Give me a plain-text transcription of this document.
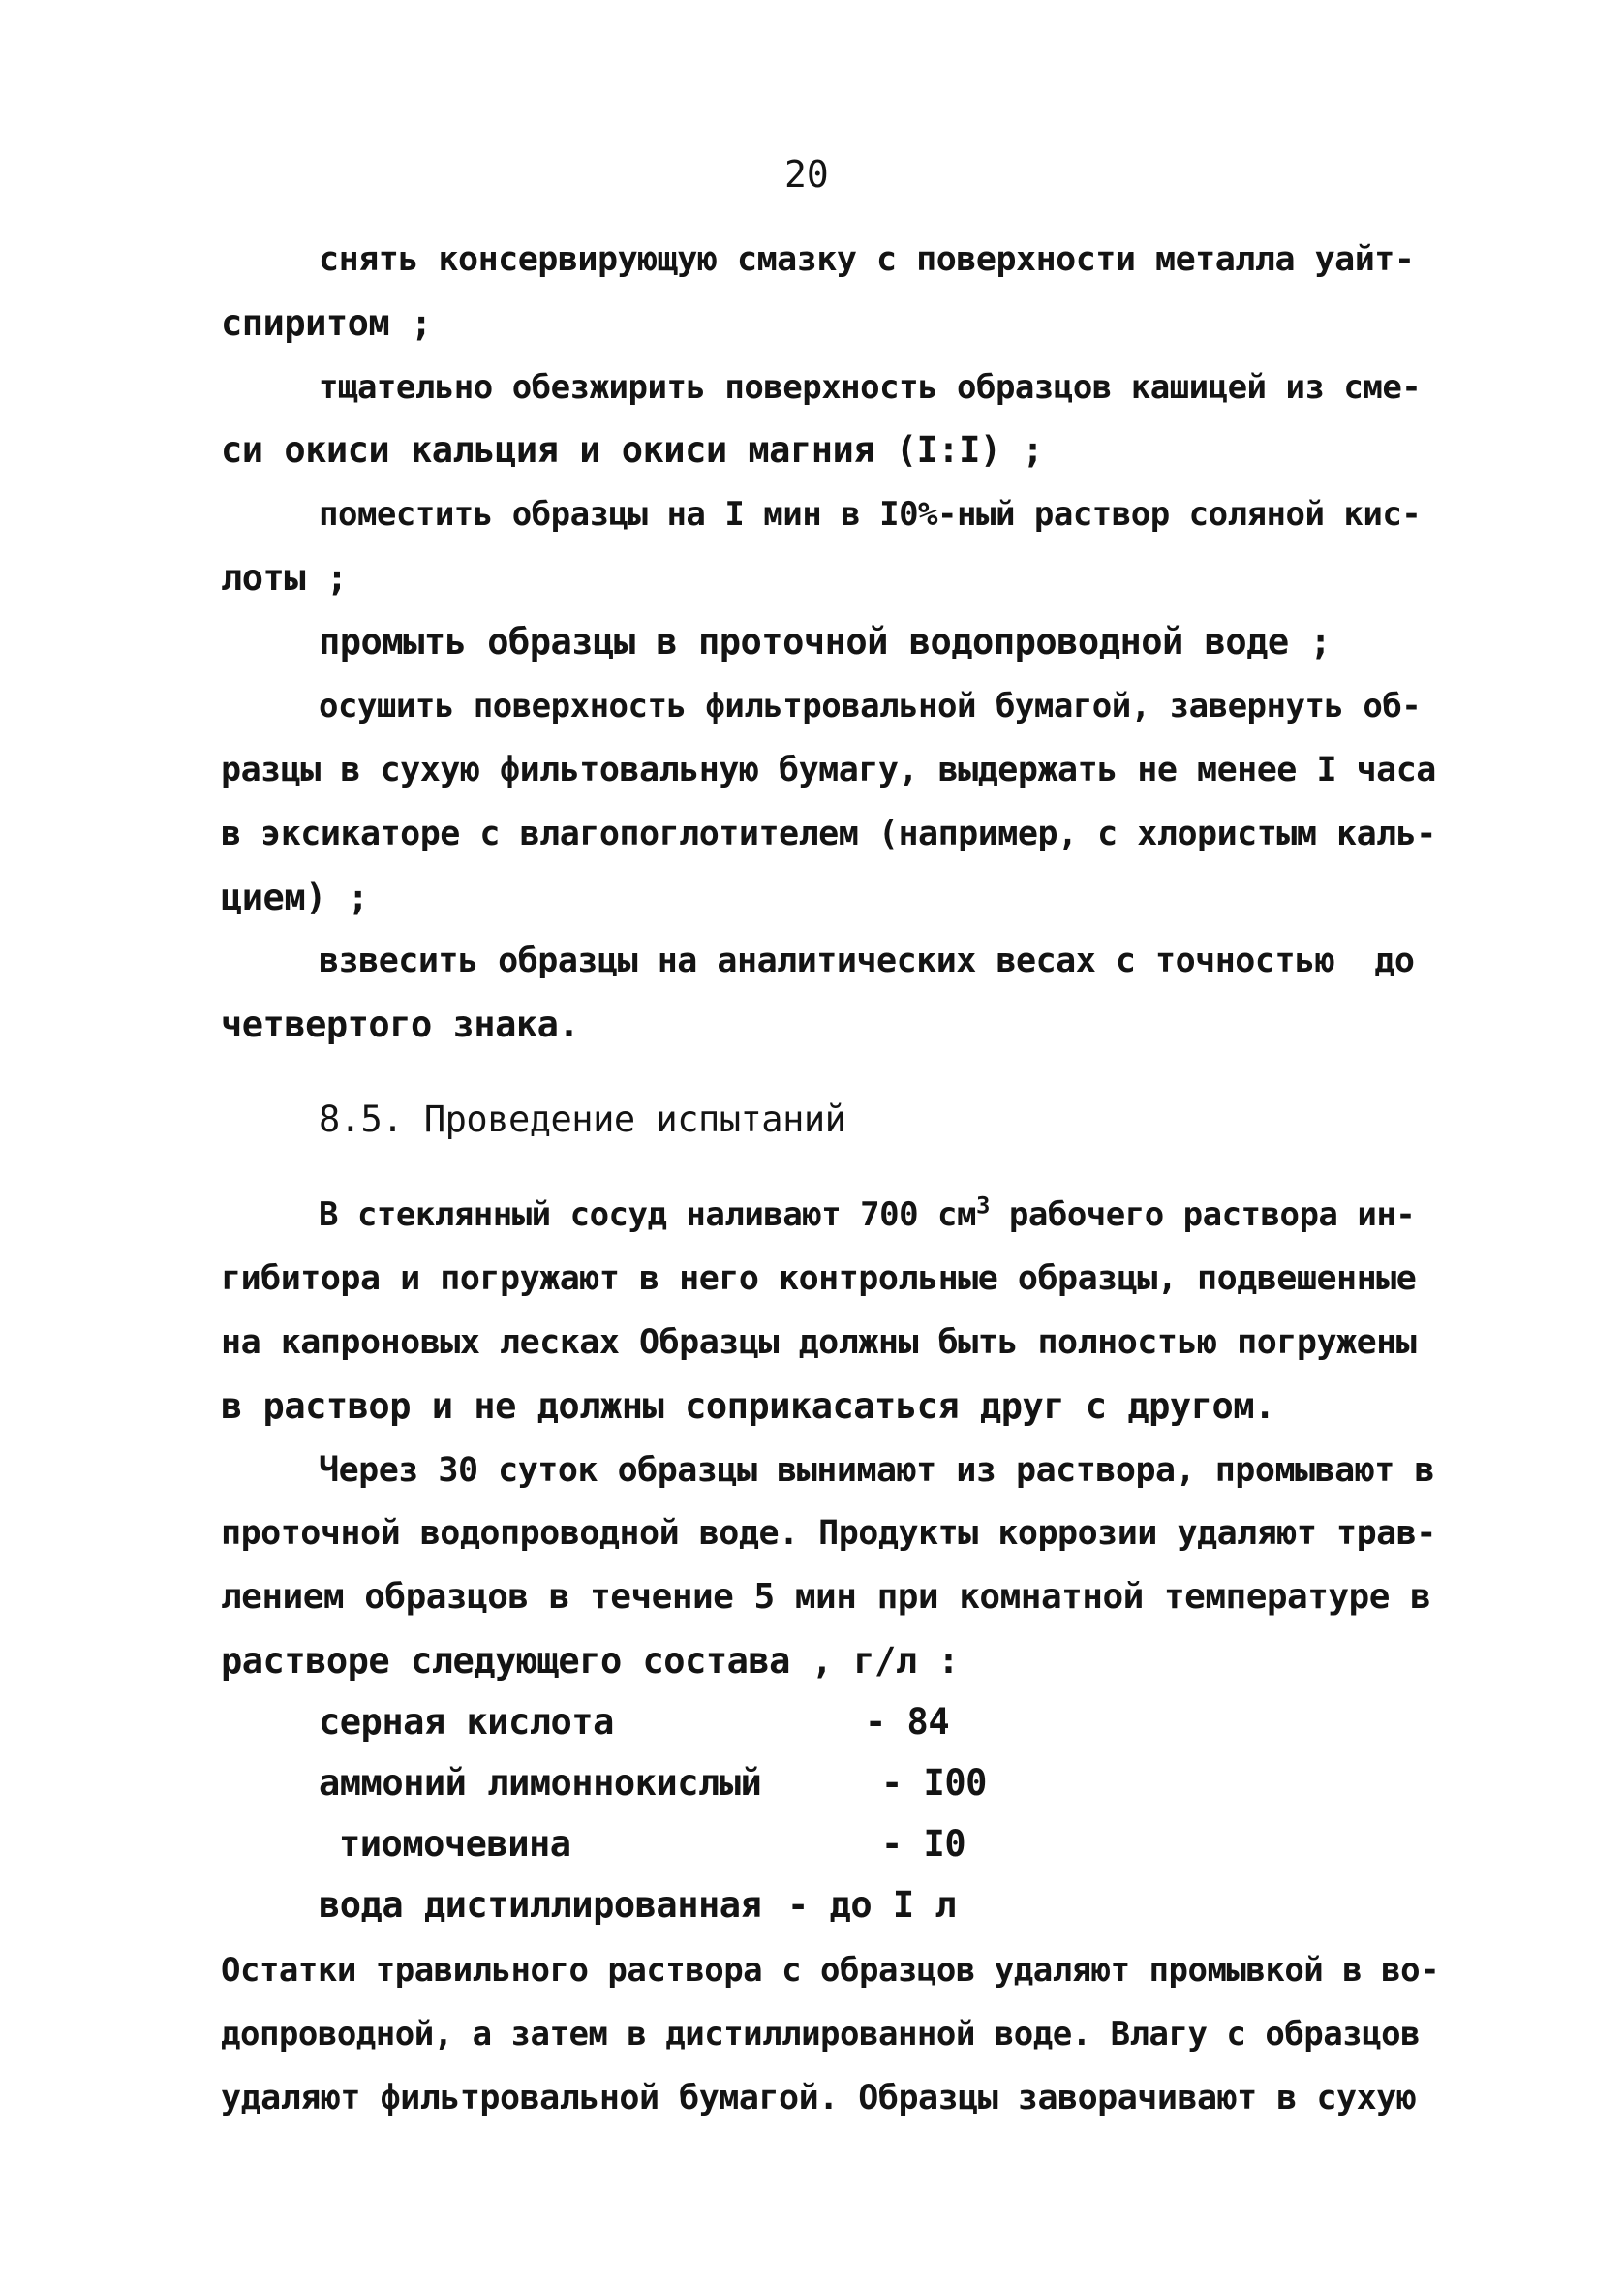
20
снять консервирующую смазку с поверхности металла уайт-
спиритом ;
тщательно обезжирить поверхность образцов кашицей из сме-
си окиси кальция и окиси магния (I:I) ;
поместить образцы на I мин в I0%-ный раствор соляной кис-
лоты ;
промыть образцы в проточной водопроводной воде ;
осушить поверхность фильтровальной бумагой, завернуть об-
разцы в сухую фильтовальную бумагу, выдержать не менее I часа
в эксикаторе с влагопоглотителем (например, с хлористым каль-
цием) ;
взвесить образцы на аналитических весах с точностью  до
четвертого знака.
8.5. Проведение испытаний
В стеклянный сосуд наливают 700 $см^3$ рабочего раствора ин-
гибитора и погружают в него контрольные образцы, подвешенные
на капроновых лесках Образцы должны быть полностью погружены
в раствор и не должны соприкасаться друг с другом.
Через 30 суток образцы вынимают из раствора, промывают в
проточной водопроводной воде. Продукты коррозии удаляют трав-
лением образцов в течение 5 мин при комнатной температуре в
растворе следующего состава , г/л :
серная кислота	- 84
аммоний лимоннокислый	- I00
тиомочевина	- I0
вода дистиллированная - до I л
Остатки травильного раствора с образцов удаляют промывкой в во-
допроводной, а затем в дистиллированной воде. Влагу с образцов
удаляют фильтровальной бумагой. Образцы заворачивают в сухую
